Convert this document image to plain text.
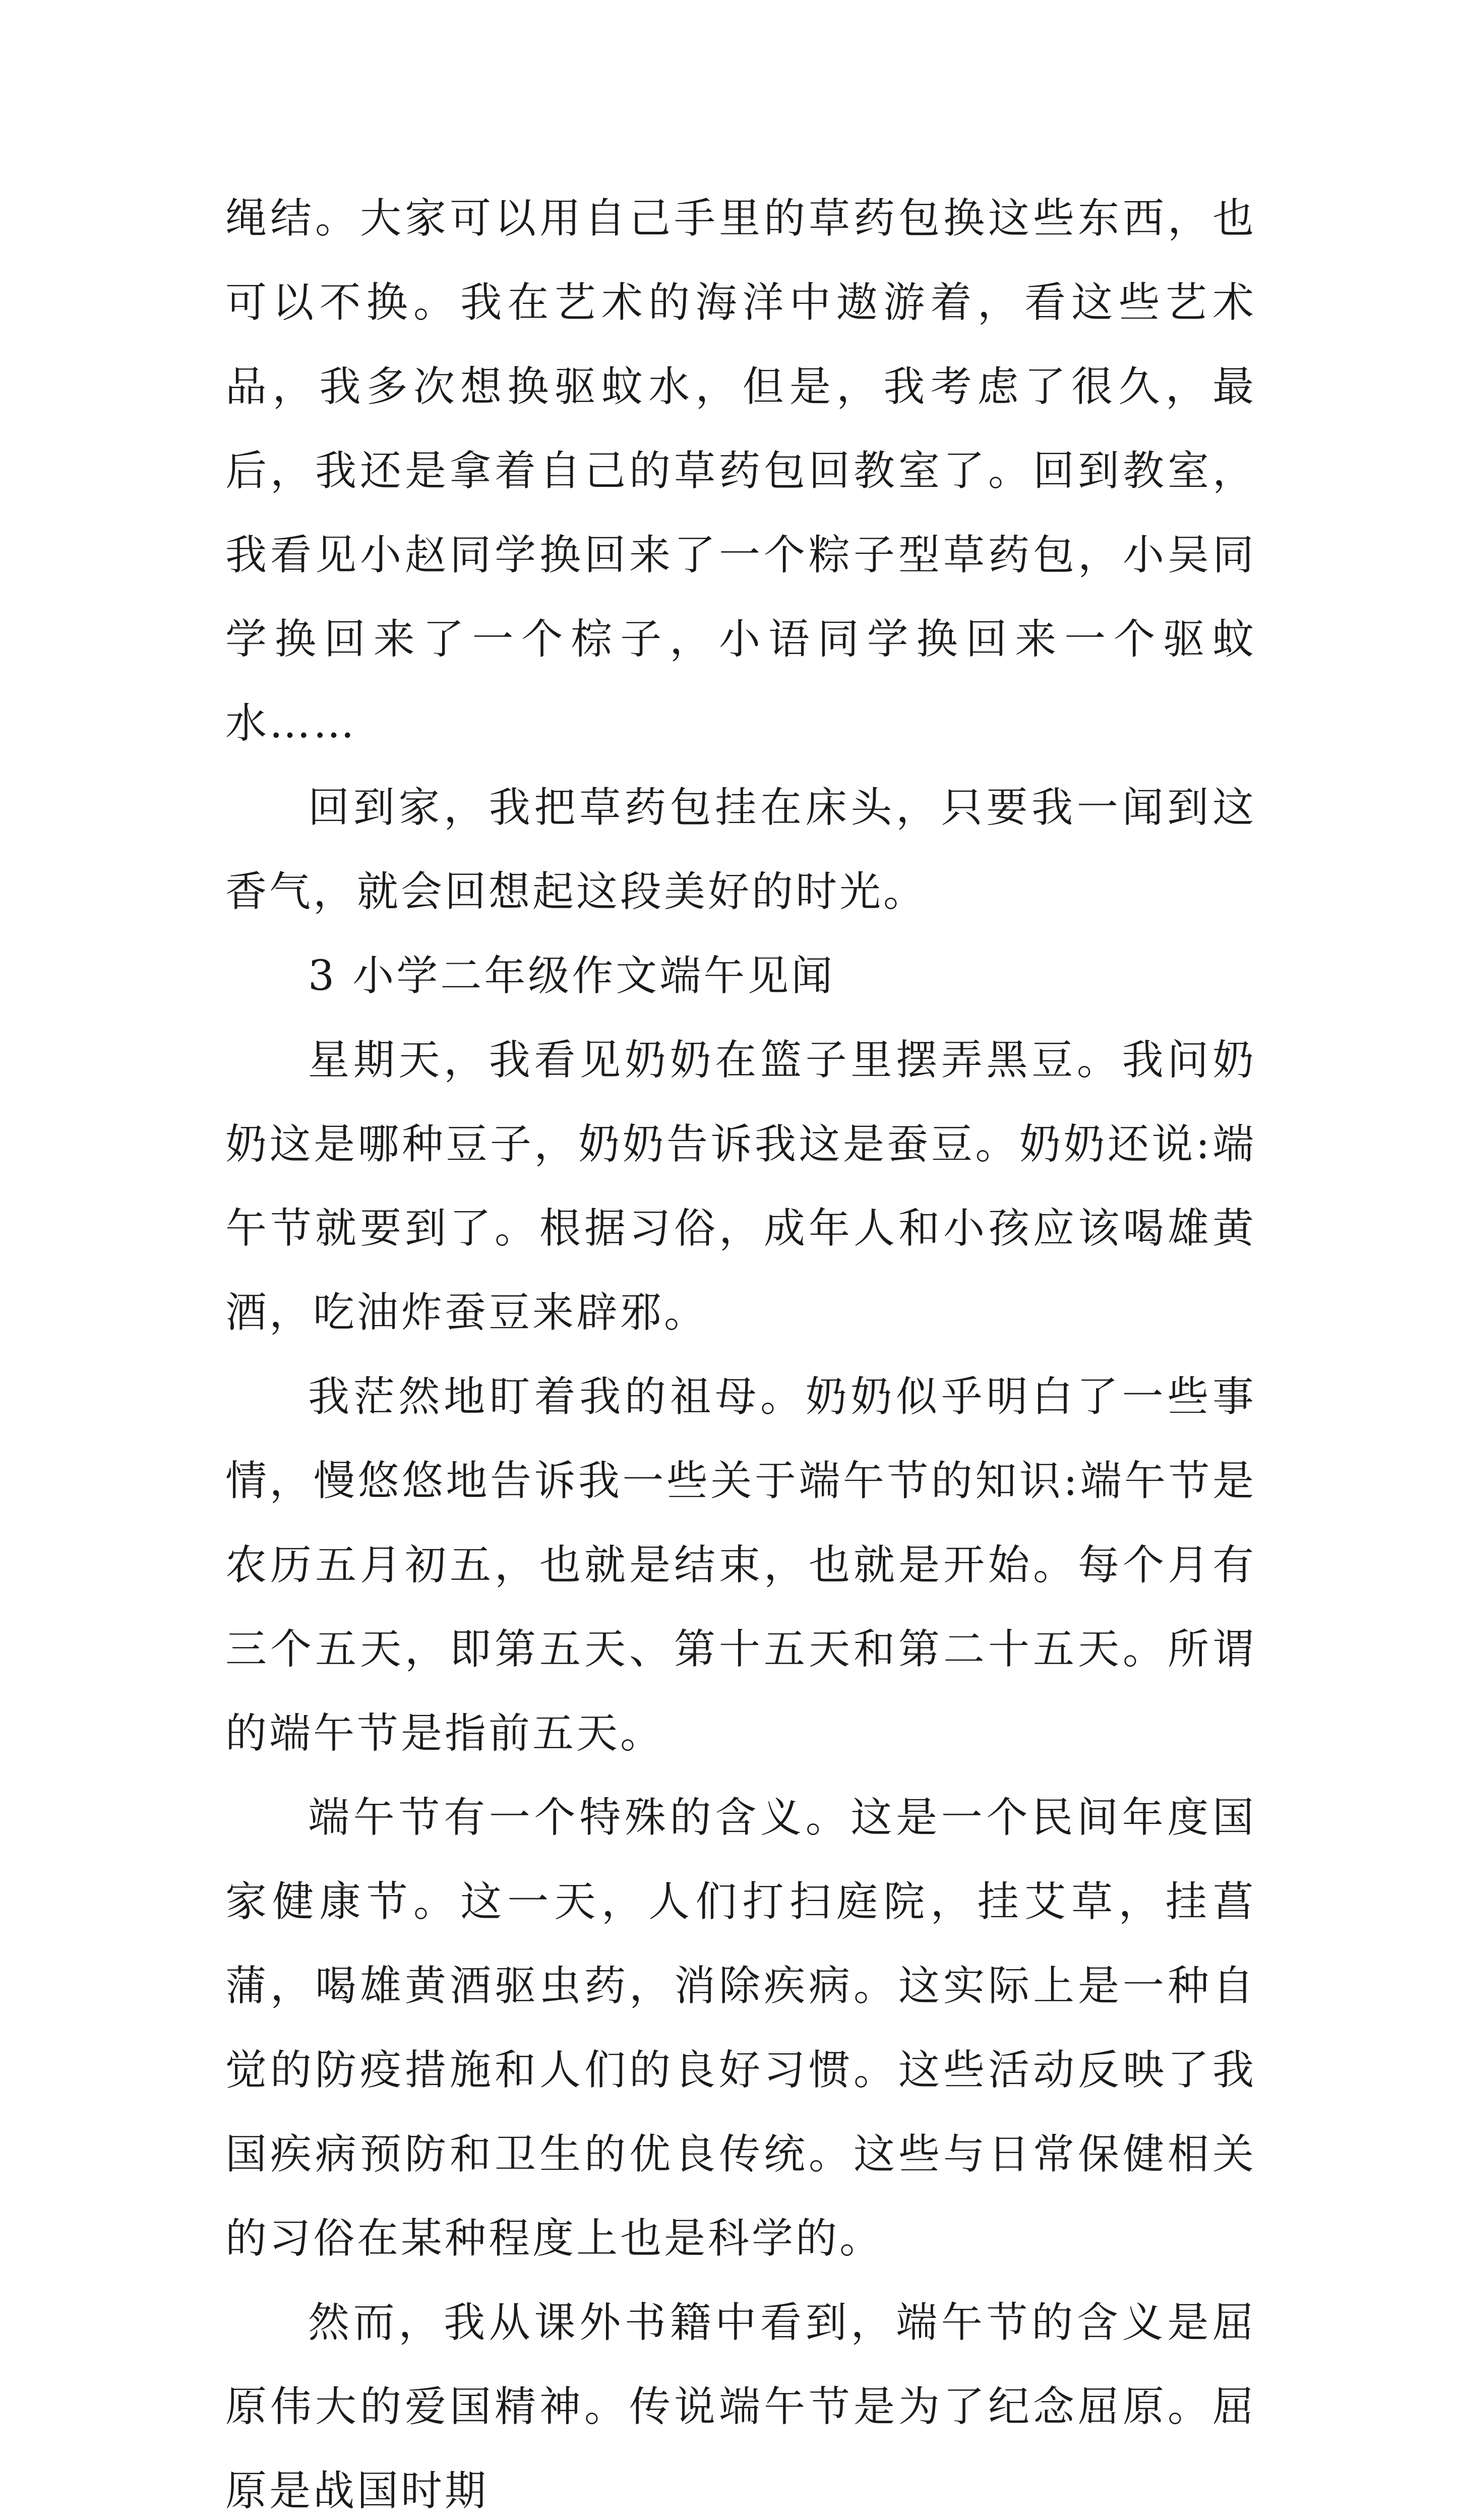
绳结。大家可以用自己手里的草药包换这些东西，也可以不换。我在艺术的海洋中遨游着，看这些艺术品，我多次想换驱蚊水，但是，我考虑了很久，最后，我还是拿着自己的草药包回教室了。回到教室，我看见小赵同学换回来了一个粽子型草药包，小吴同学换回来了一个棕子，小语同学换回来一个驱蚊水……

回到家，我把草药包挂在床头，只要我一闻到这香气，就会回想起这段美好的时光。

3 小学二年级作文端午见闻

星期天，我看见奶奶在篮子里摆弄黑豆。我问奶奶这是哪种豆子，奶奶告诉我这是蚕豆。奶奶还说:端午节就要到了。根据习俗，成年人和小孩应该喝雄黄酒，吃油炸蚕豆来辟邪。

我茫然地盯着我的祖母。奶奶似乎明白了一些事情，慢悠悠地告诉我一些关于端午节的知识:端午节是农历五月初五，也就是结束，也就是开始。每个月有三个五天，即第五天、第十五天和第二十五天。所谓的端午节是指前五天。

端午节有一个特殊的含义。这是一个民间年度国家健康节。这一天，人们打扫庭院，挂艾草，挂菖蒲，喝雄黄酒驱虫药，消除疾病。这实际上是一种自觉的防疫措施和人们的良好习惯。这些活动反映了我国疾病预防和卫生的优良传统。这些与日常保健相关的习俗在某种程度上也是科学的。

然而，我从课外书籍中看到，端午节的含义是屈原伟大的爱国精神。传说端午节是为了纪念屈原。屈原是战国时期
